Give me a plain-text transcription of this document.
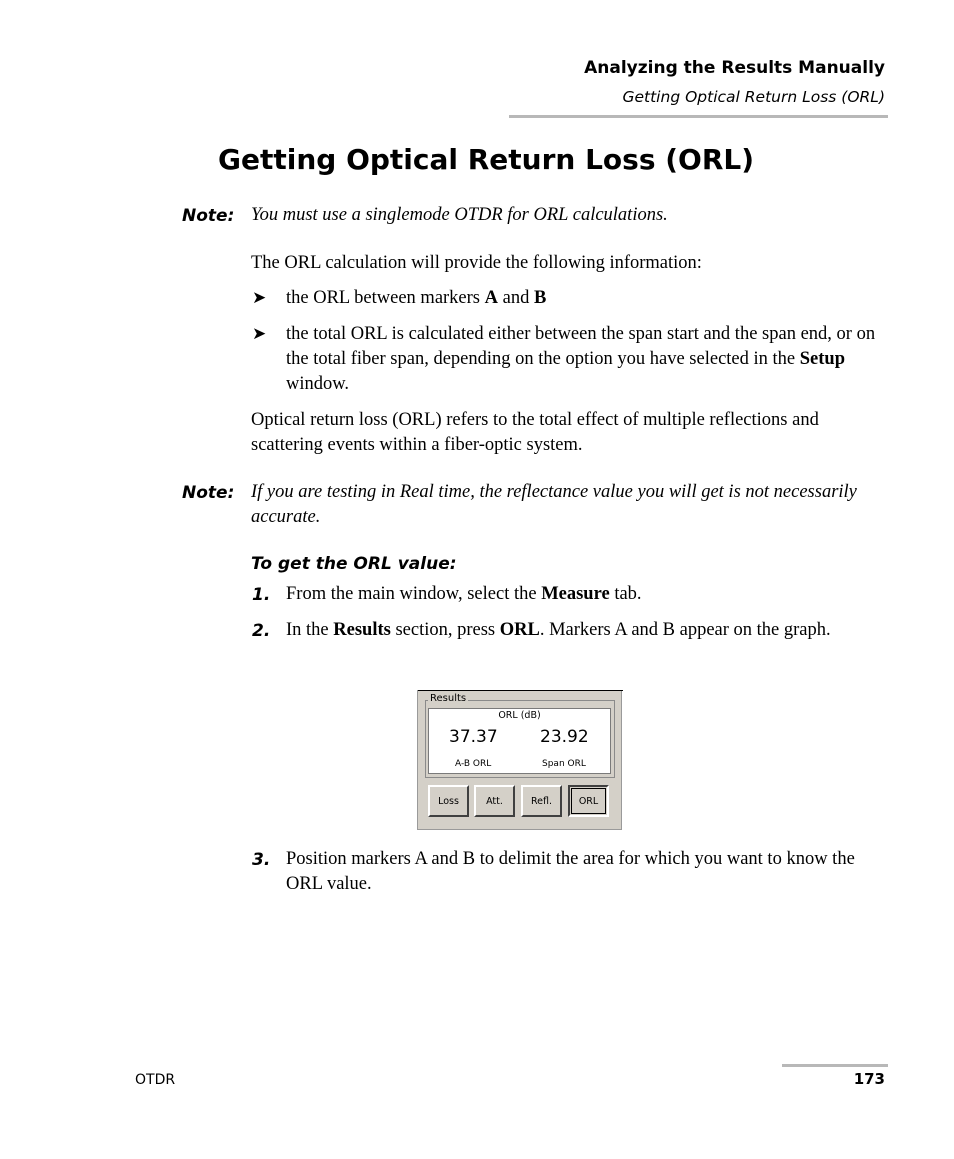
Analyzing the Results Manually
Getting Optical Return Loss (ORL)
Getting Optical Return Loss (ORL)
Note: You must use a singlemode OTDR for ORL calculations.
The ORL calculation will provide the following information:
➤ the ORL between markers A and B
➤ the total ORL is calculated either between the span start and the span end, or on the total fiber span, depending on the option you have selected in the Setup window.
Optical return loss (ORL) refers to the total effect of multiple reflections and scattering events within a fiber-optic system.
Note: If you are testing in Real time, the reflectance value you will get is not necessarily accurate.
To get the ORL value:
1. From the main window, select the Measure tab.
2. In the Results section, press ORL. Markers A and B appear on the graph.
Results
ORL (dB)
37.37 23.92
A-B ORL	Span ORL
Loss	Att.	Refl.	ORL
3. Position markers A and B to delimit the area for which you want to know the ORL value.
OTDR	173
